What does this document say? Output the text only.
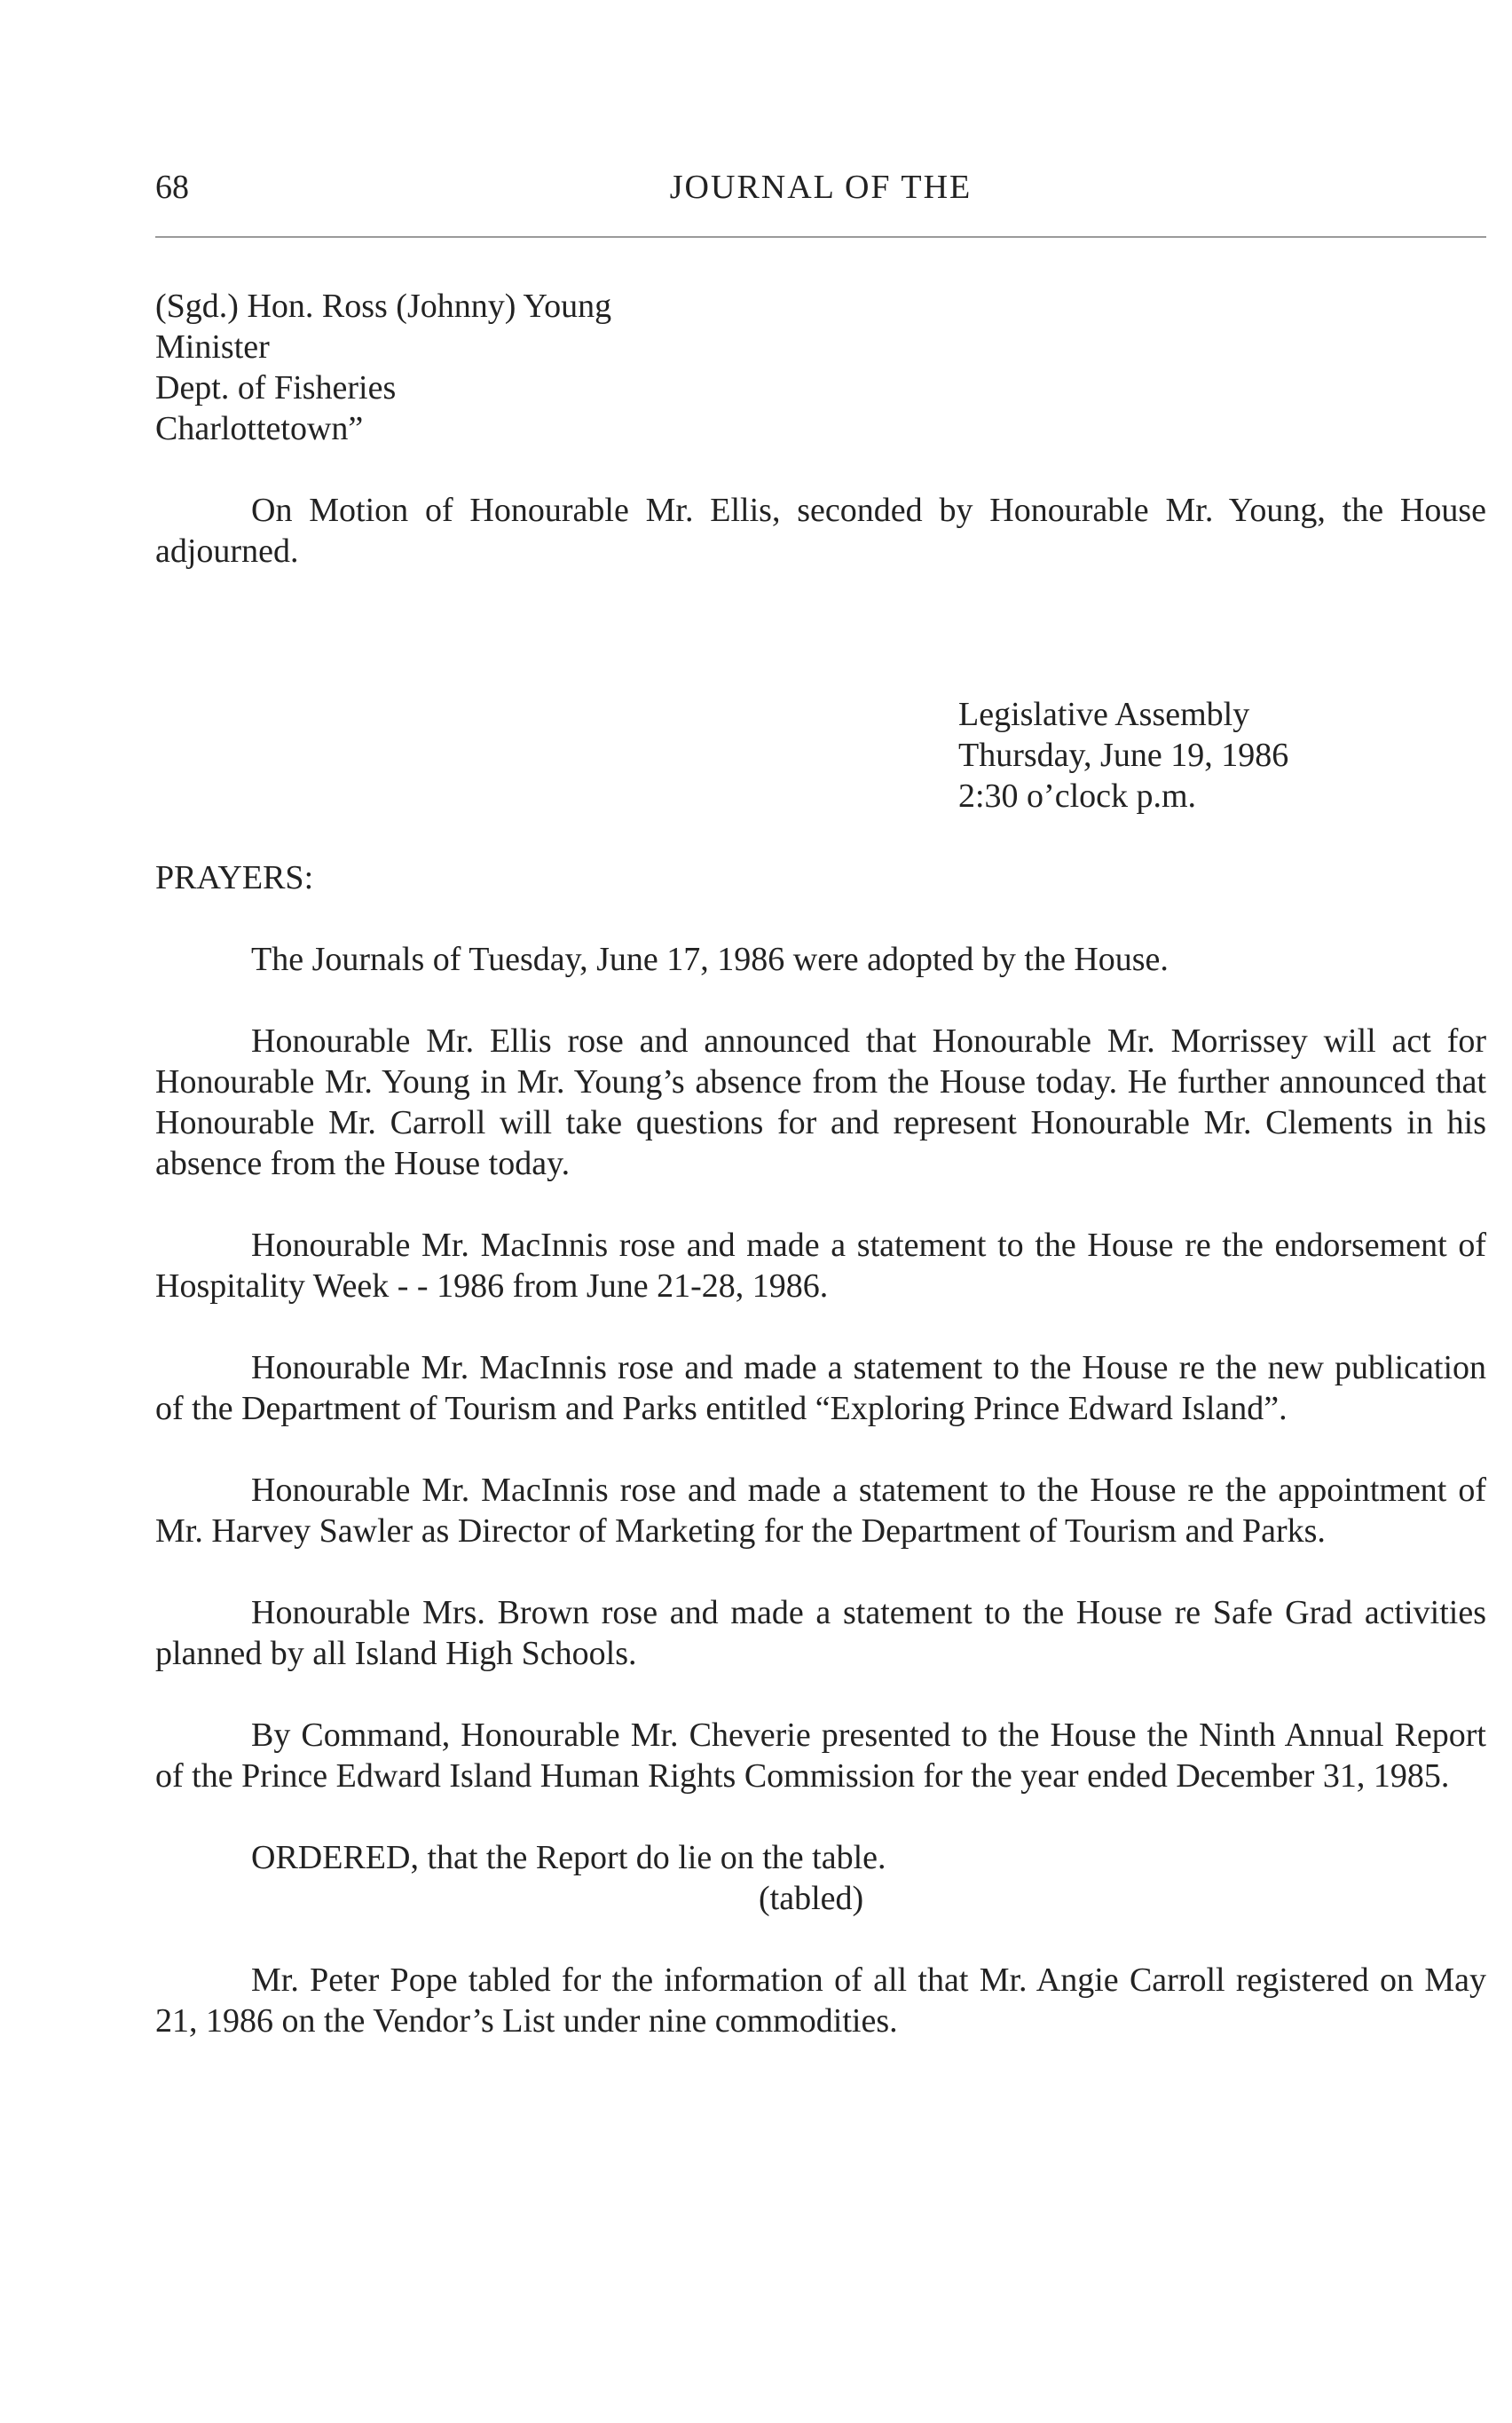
68	JOURNAL OF THE
(Sgd.) Hon. Ross (Johnny) Young
Minister
Dept. of Fisheries
Charlottetown”

On Motion of Honourable Mr. Ellis, seconded by Honourable Mr. Young, the House adjourned.

Legislative Assembly
Thursday, June 19, 1986
2:30 o’clock p.m.

PRAYERS:

The Journals of Tuesday, June 17, 1986 were adopted by the House.

Honourable Mr. Ellis rose and announced that Honourable Mr. Morrissey will act for Honourable Mr. Young in Mr. Young’s absence from the House today. He further announced that Honourable Mr. Carroll will take questions for and represent Honourable Mr. Clements in his absence from the House today.

Honourable Mr. MacInnis rose and made a statement to the House re the endorsement of Hospitality Week - - 1986 from June 21-28, 1986.

Honourable Mr. MacInnis rose and made a statement to the House re the new publication of the Department of Tourism and Parks entitled “Exploring Prince Edward Island”.

Honourable Mr. MacInnis rose and made a statement to the House re the appointment of Mr. Harvey Sawler as Director of Marketing for the Department of Tourism and Parks.

Honourable Mrs. Brown rose and made a statement to the House re Safe Grad activities planned by all Island High Schools.

By Command, Honourable Mr. Cheverie presented to the House the Ninth Annual Report of the Prince Edward Island Human Rights Commission for the year ended December 31, 1985.

ORDERED, that the Report do lie on the table.

(tabled)

Mr. Peter Pope tabled for the information of all that Mr. Angie Carroll registered on May 21, 1986 on the Vendor’s List under nine commodities.
